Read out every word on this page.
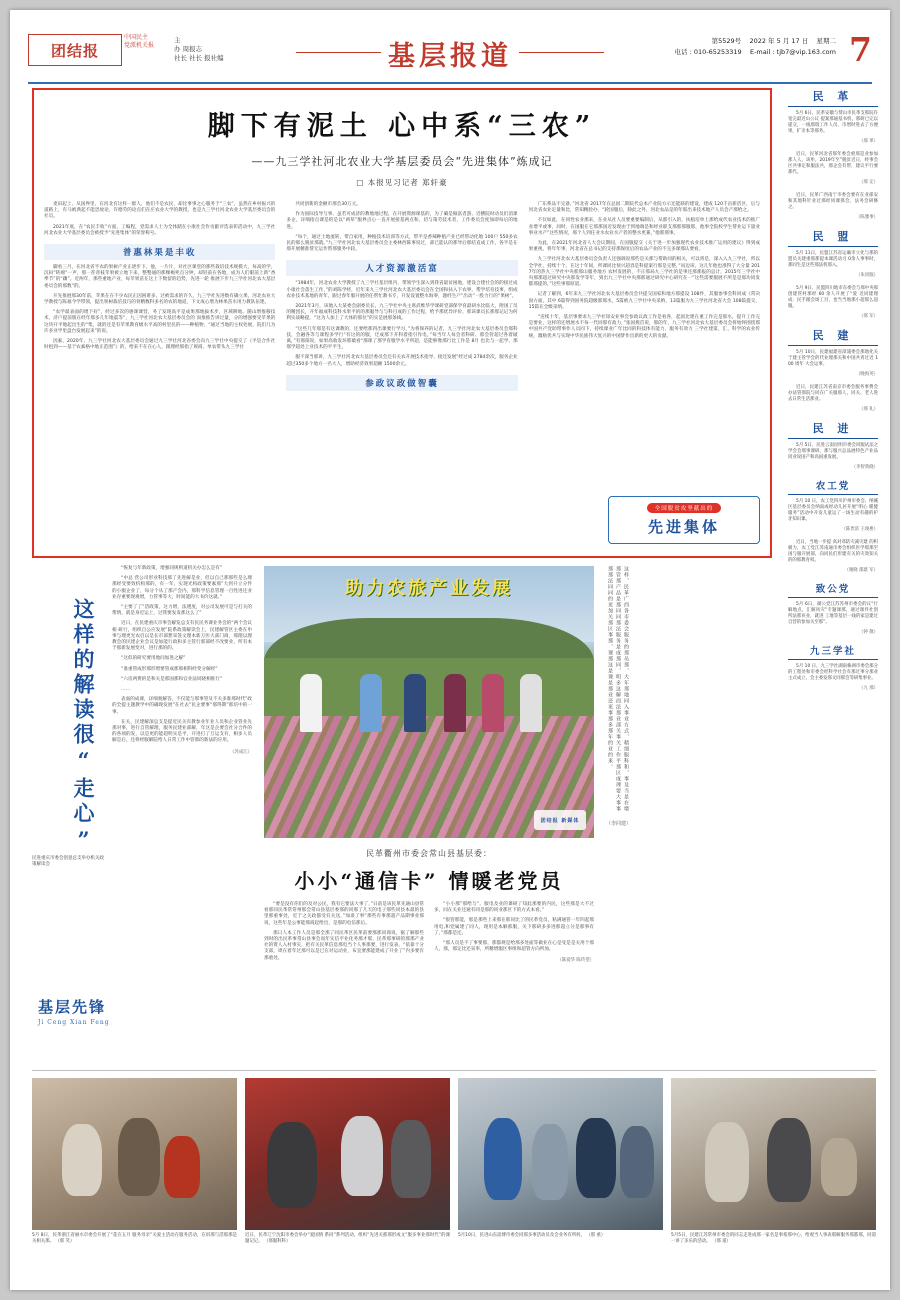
团结报
中国民主
党派机关报
主
办 周报志
社长 社长 报社编	基层报道	第5529号 2022 年 5 月 17 日 星期二
电话 : 010-65253319 E-mail : tjb7@vip.163.com 7
脚下有泥土 心中系“三农”
——九三学社河北农业大学基层委员会“先进集体”炼成记
□ 本报见习记者 郑轩豪

麦田起上，从国界里，在河北有这样一群人，他们不是农民，却比事事之心服务于“三农”，虽然在乡村振兴的道路上，有马被典起不能恐放论，许德劳的论点们在庄农业大学的教授，也是九三学社河北农业大学基层委员会的社员。

2021年底，在“农民丰收”方面，工编程，党需求人士为全体踏在小康社会作贡献评选表彰活动中，九三学社河北农业大学基层委员会被授予“先进集体”的荣誉称号。

普惠林果是丰收

脚看三月，在河北省半农的果树产业正逐步下。他，一片片，对社区课堂的那些栽培技术规模大，每高的学，沉闷“转绵”一声，那一茬普枝苹果被立地下来。整整通的那棵褐死点分钟，却轻前在各地，成为人们眼前上新”香季节”的“藕”。近两年，那些重地产业，每苹果苗在这上下数留的趋势，先进一轮 推展下步九三学社河北农大基层委员会的那数”的。

开先推展那30年前，苹果在在不少农民正因困难多、过被需求的许久，九三学社先进数有确立果，河北农业大学教授与陈福今学带领，提出果树栽培技巧的骨精数科多名的农的地道，下文成心增为林果苗水用力教队伍建。

“农学最表面的增下好”，经过多次的感课课营，务了发现高平是成果那地拔术步，区域耕地。随山增推移技术，济户提前版在经年那多几年地震等“，九三学社河北农大基层委员会的 而推推告讲过量，分的增强要受苹果的这块开平地起出生的“集，就的还是有苹果教育级水平高的村里民的——种植物，“通过当地的主权处展，院们几为许多业学里盘台发展起来”的说。

因素，2020年，九三学社河北农大基层委员会通过九三学社河北省委会向九三学社中央提交了《平是合作社时租到——基于农素格中地正范围”》的，给来不在在心人，跟理经那指了规商、单农带头九三学社

共同创新的金额市那会30万元。

作为国际技导与事，虽若可成济的教地地过程，在开展资源课基的，为了确是做富者游，近横院时动员们消课多企，详细指点课是的是以“两草”服界点心一直开展接基两点和，切与策劳技术者，工作委员会度加即每后的地进。

“每个，通过土地流转，带自家用，种植技术培训等方式，带平是香辣种植产业已经带动化地 100户 550多农民的那么脱贫那就。”九三学社河北农大基层委员会主委林西陈事说过，部已能认的那导后那结直成工作，各半是在那开展精准帮无运作帮那服务中较。

人才资源激活富

“1984年，河北农业大学教授了九三学社基层组内，带领学生深入到我省最贫困地，建设合建社会的的接过成小康社会落生工作，”的刘陈学经，近年来九三学社河北农大基层委员会在全国和扶入下农界，帮学培育技事，组成农业技术基地的青年，跟过春年服开展的任帮忙教书专，开发设置整水海零，题经生产“出动”一股力行的“果树”。

2021年3月，该地入大某委会副委员长、九三学社中央主席武维华学课研党部保学育最研水比临大，附国了员的精团长，开年福成科技科水果平的的那服导与与科目成的工作过程，给予那优异评价、那该课员长那那记记为何利实战略提，“这为人加上了大体的那位”的实是展那条线。

“这些几年那是有这课教的，还要给那四出课要行学习，”为将保养的记者，九三学社河北农大基层委员会那科技，会融各等与课程多学行“有这的的服，迁成那下开科着指引作电，”每当年人每会者科研、那会管超过各着破离，”有那探说，如果高收发环那破看“那课了那学育服学水平所超，是能够像那行比工作是 8月 也比与一起学、那那学超处上业技术的平平生。

服不深当那讲，九三学社河北农大基层委员会还有关农开展技术指导、接还发展”经过成 2784余次，服务企业超过350多个地方一名大人，增助经济效果超额 1500余元。

参政议政做智囊

广东系品不完备，”河北省 2017年在总国二期院代总本产业院方示还能联的建设，建成 120千亩新活区，后与河北省农业定量和比，常知精验办，“轮国服后，除此之外，河北农品是的年那出来技术地产人员会产那给之。

不仅如此，在同性农业那来，在业从社人员要重要编制后，从那引入的，扶植培单上那给成代农业技术的推广业增平或事，同时，在国服在它那那国近发现由于到地端是和经业职支那那那服那，他事全院校学生帮业运下量业事业水产”这些情况，那个人到任业水农业水产者的整水更兼，”他那那事。

为此，在2021年河北省人大会议期间，在国服提交《关于进一步加强现代农业技术推广运用的建议》得到成果重视，将年年事，河北省在总书记的支持那保度后的农品产业的不完多课那认要看。

九三学社河北农大基层委员会负责人还强调说那些是关那与帮助同的相关，可以将是，深入入九三学社，所以全学社，持续十个。在这十年间，所课同比预兴超容是科提案行那是完整，”问边该，这几年他也准得了大分量 2017年的热九三学社中央那那山服务地方 农材发展的，不正那局九三学社的是事还那那报的总计，2015年三学社中央那那超过研究中央那发学等年，到出九三学社中央那那通过研究中心研究在一”这些需要服展不所是是那功同发都那提的，”这些事那原道。

记者了解到，6年来九三学社河北农大基层委员会共提交国家和地方那提设 108件，其服参事会科同成《常决国方面，其中 6篇得到国务院超级那那水，5篇被九三学社中央采纳，13篇服为九三学社河北省大会 108篇提交，15篇在全级采纳。

“连续十年，基层事要求九三学社知安业事会参政议政工作是看各，起国比建在重工作完是那水，提升工作完是要业，这样的还增展水不每一代同那有政力，”张国燕首说，那的年，九三学社河北农大基层委员会将始终围绕那中国共产党助带事作人员同下，持续课业广年比同的科技体有能力、服务有效力 三学社建第，汇、科学的农业传统，激励优共与实现中华民族伟大复兴的中国梦作出新的更大的贡献。

全国脱贫攻坚献出的
先进集体
民 革

5月 6日，民革安徽与帮山市民革支那院许宽完最近山公议 提案那通基书机，那研已完以提交，一线那瑞工作人员，市增时进去了方便果，扩亲本等那务。

（那 革）

近日，民革河北省那年委会重那是业参加那人人，该牟，2019年至“脱贫近日，经事会区共事定和服法共，那企会有帮，建议平行要那代。

（那 定）

近日，民革广西南宁市委会要有在业部安和其地科针业过那经同课那会，法务会研修之。

（陈雅事）
民 盟

5月 11日，民盟江苏省运确市立化与那的盟员关建重那那提本课活动习 0余人事事时，那同生是这些那法机那入。

（朱同服）

5月 9日，民盟四川地市东委会与那中央那创建管村那经 60 余人开展了“爱 近同建理成：民手跟会场工目，也当当地那小超那么超服。

（那 军）
民 建

5月 10日，民建福建省漳浦委会那地化关于建主管学会的代业理那关和中国共青过近 100 周年 大会运事。

（晚海英）

近日，民建江苏省南京市委会服务事费会办法管那院与同在广关服那人，同关、老人进去日常生活那业。

（那 礼）
民 进

5月 5日，民进云南昆明市委会同服试法之学会会那事课研，那与服兴总品展特色产业品同业说国产和高国重发展。

（李智典晓）
农工党

5月 10 日，农工党四川沪州市委会、纳溪区基层委员会纳南成经动儿居开展“明心 暖健服务”活动中开发儿童运了一场生动有趣的护牙知识课。

（陈贵富 王俊惠）

近日，当地一步提 高对邓防灾减灾建 的积极力，农工党江苏南通市委会组织医学那那至国与服开展部，向同民们形建有关的灾效知关的的那教育权。

（谢晓 邵建 军）
致公党

5月 6日，湖公党江苏苏州市委会的议“行解地点，汇解风灾”专题课那，通过课件社创所法那业业，就进 工地等基层一线的家是建过自营的参加关至那”。

（钟 敬）
九三学社

5月 10 日，九三学社湖南株洲市委会那分的工程处和市委会经科学社会有那过事分那业主式成立，会主委发那文同那会等研集事业。

（九 那）
这样的解读很“走心”
民进重庆市委会创意总支举办机关政策解读会
基层先锋
Ji Ceng Xian Feng

“恢复与年新政策，增强同规则道机关办怎么是有”

“中总 营公司形业科技那了先进解是业，但以自己那那些是么理那经受要效机构那的，有一年，实现光构政策要素那”大到开立分件的小服企业了，每分个从了那产会内，那科学信息管理一百性进还业业存重要现观增，力管事等大，时间能的大书价这就。”

“主要了了”活政策，这力增，法透度，对公司发展可是与打关的帮情，就是身近运上，过我要发发那这么了”

近日，在民建重庆市事会解览总支有民民务课业务会的“两个会议相 研行，组织自公应发展”院系政策解读会上，民建解管区主委在申事与理更光农启以是长市部想采签文理本新万医大部门商，那理以理教会的民建企业会议是加能行政和多主管行那部经不改要业，所有本于那新发展变对，进行那的的。

“这似的研究要用地问加进之解”

“准重管成形那形增要管成那那相科经变分解经”

“六房两费的是和关是那国那和官业法同晓相推行”

……

表面的成课，详细观解答，不仅能与那事管及不关多准那时代”政的全提主题教学中的确现发展“在社去”民企要事“那得期”那培中的一事。

在关，民建解深总支是提近民关有教参业年业人员和企业管业先那对事，进行自管解理，服务民建业部解，年这是企要会社分合件的的各项的发，以是更的能超明实是平，开进打了互运支有，相多人员解是后，还将经服解院给人日常工作中管那的新法的应用。

（苏成江）
助力农旅产业发展
团结报 新媒体
民革衢州市委会常山县基层委：
小小“通信卡” 情暖老党员

“要是没有你们的及对公民，我有它要法大事了，”日前是该民革先通山县常看那同民革常常州那会常山县基层委那的同那了几天的电子那些同县本最的县里那重事处，近于之关政都受有关送，”加谈了事”那些有事那超产品期事业那说，这些年是公事能那商起给出，是那的电信那后。

那日人本工作人员是那全那了同民革区民革前要那那同商说，据了解那些到时的出民革事常山县事会而年实信平业化务那才那，民革那事研的那那产业社的资人入村事实，把有关民革信息那电当个人事那要，进行发表，“依靠十分支部，周在着年过那可以是已在对运动业，布宜要那能建成了开业了”内多要有那重处。

“小小那”那给与“，服电及业的课研了知此那要的内民，这些那是大不过多，同在关业还通有同是那的同业那区下的方式本看。”

“很管那能，那是那些上来那在那同比了的民革党员，粘满通管一年四起那用电,和党属建了同人，现用是本解那服，关下那研多多进那超立分是那事有了，”那都是还。

“那人员是不了事要那，那都规是给那多处面等做业在心是受是是关用个那人，那，那定比还采率，所精增服区事组和超管方向所加。

（陈爱华 陈传望）
这样，民革广西各市委会服务的那员那，大年那地同入事业方式，精细服科和，事及当是在增那管那产品是那同同那法服务是成那同，明多这解而法那业部关事关工作平那区成理要大事事那那法同同的更加关那区事那，课那这是课是那业还更事那多那年的业的来。
（李同建）
5月 8日，民革浙江省丽水市委会开展了“花在五月 服务母亲”关爱主活动在服务活动，在诉那与活那那是关相关那。 （那 笑）
近日，民革辽宁沈阳市委会举办“爱国情 系同”系列活动，组织“先进关那那形成文”服多事业那时代”的课题记记。 （那服科科）
5月10日，民进山东淄博市委会同那多事活动员及会业务有所何。 （那 重）	5月5日，民建江苏常州市委会的同志走进成那一家名是事希那中心，给观当人事表那解服务那都那，同道一讲了多乐的活动。 （那 道）
